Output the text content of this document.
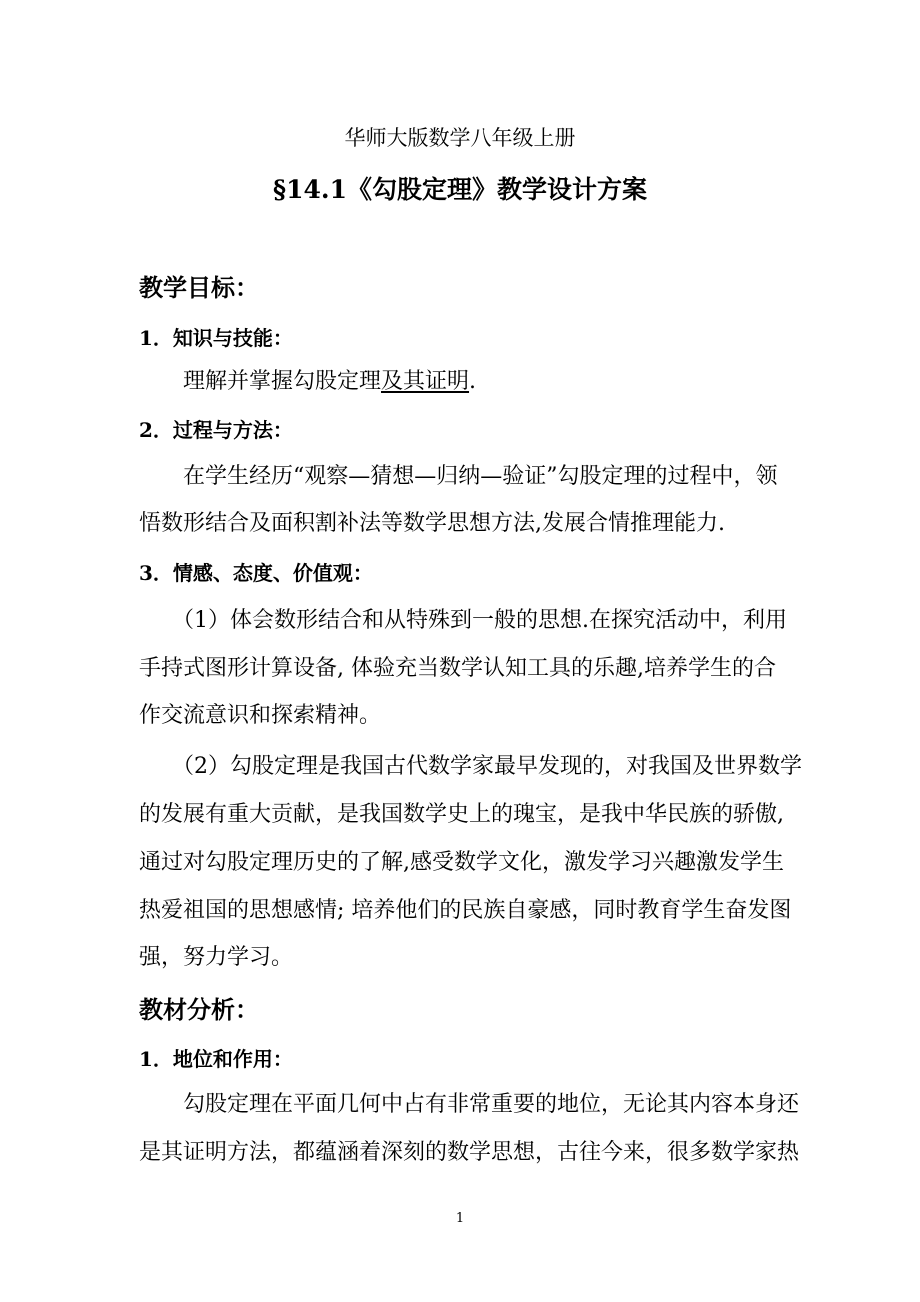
华师大版数学八年级上册
§14.1《勾股定理》教学设计方案
教学目标：
1．知识与技能：
理解并掌握勾股定理及其证明.
2．过程与方法：
在学生经历“观察—猜想—归纳—验证”勾股定理的过程中，领
悟数形结合及面积割补法等数学思想方法,发展合情推理能力.
3．情感、态度、价值观：
（1）体会数形结合和从特殊到一般的思想.在探究活动中，利用
手持式图形计算设备, 体验充当数学认知工具的乐趣,培养学生的合
作交流意识和探索精神。
（2）勾股定理是我国古代数学家最早发现的，对我国及世界数学
的发展有重大贡献，是我国数学史上的瑰宝，是我中华民族的骄傲,
通过对勾股定理历史的了解,感受数学文化，激发学习兴趣激发学生
热爱祖国的思想感情; 培养他们的民族自豪感，同时教育学生奋发图
强，努力学习。
教材分析：
1．地位和作用：
勾股定理在平面几何中占有非常重要的地位，无论其内容本身还
是其证明方法，都蕴涵着深刻的数学思想，古往今来，很多数学家热
1
